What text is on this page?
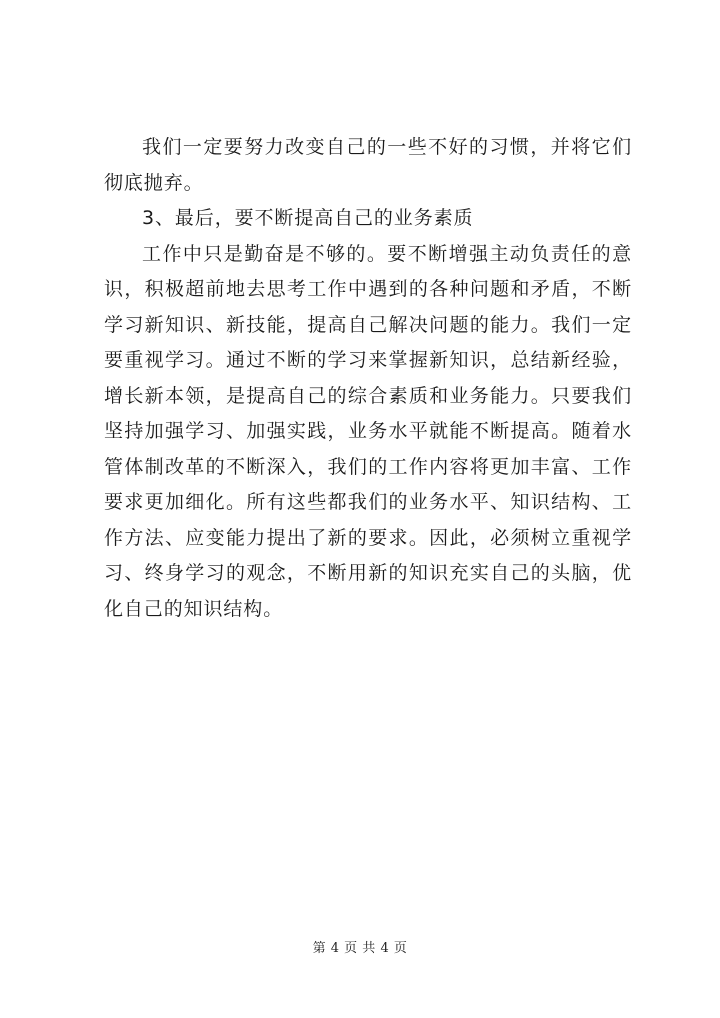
我们一定要努力改变自己的一些不好的习惯，并将它们彻底抛弃。

3、最后，要不断提高自己的业务素质

工作中只是勤奋是不够的。要不断增强主动负责任的意识，积极超前地去思考工作中遇到的各种问题和矛盾，不断学习新知识、新技能，提高自己解决问题的能力。我们一定要重视学习。通过不断的学习来掌握新知识，总结新经验，增长新本领，是提高自己的综合素质和业务能力。只要我们坚持加强学习、加强实践，业务水平就能不断提高。随着水管体制改革的不断深入，我们的工作内容将更加丰富、工作要求更加细化。所有这些都我们的业务水平、知识结构、工作方法、应变能力提出了新的要求。因此，必须树立重视学习、终身学习的观念，不断用新的知识充实自己的头脑，优化自己的知识结构。

第 4 页 共 4 页
